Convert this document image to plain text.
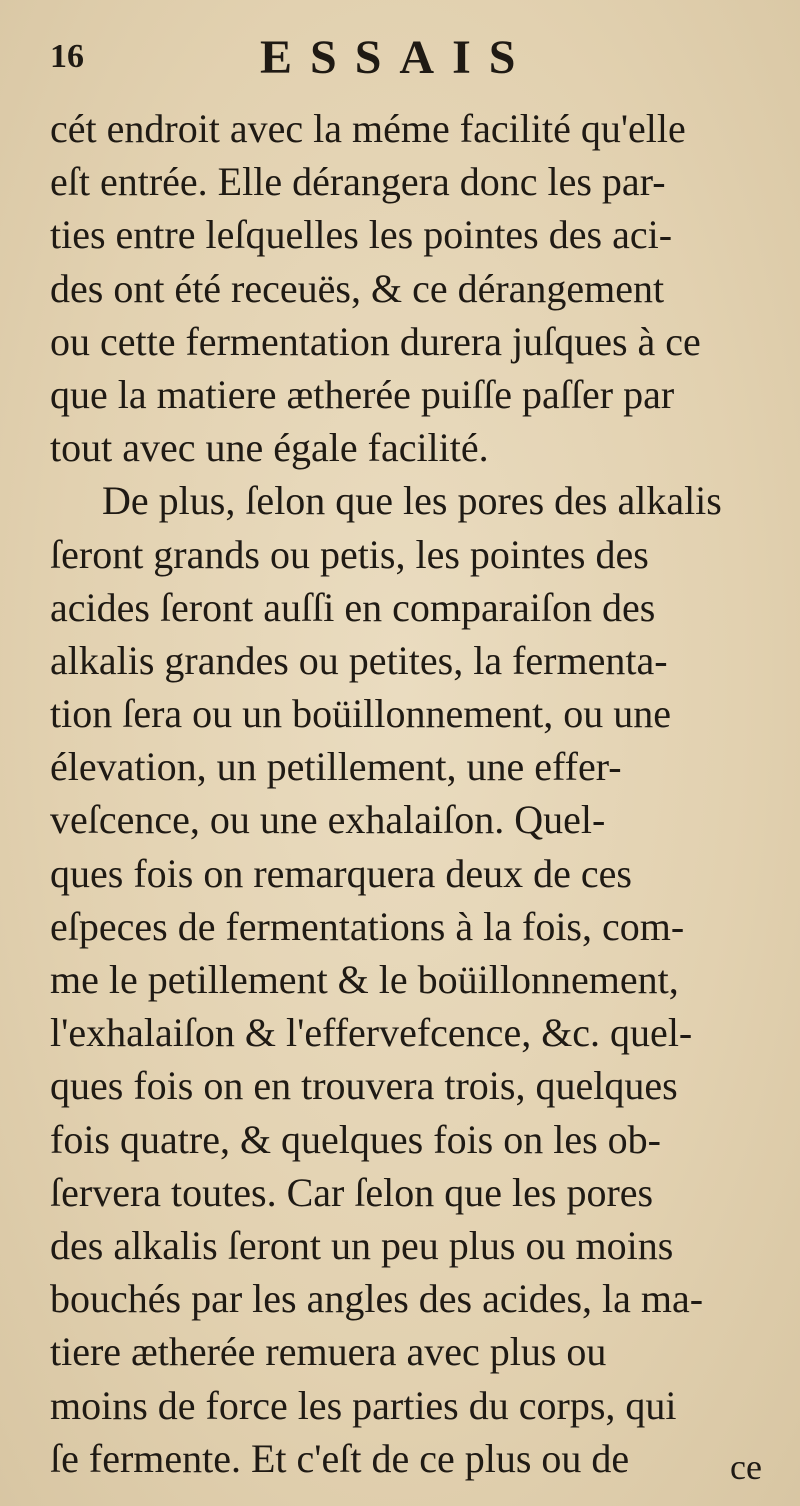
16	ESSAIS
cét endroit avec la méme facilité qu'elle
eſt entrée. Elle dérangera donc les par-
ties entre leſquelles les pointes des aci-
des ont été receuës, & ce dérangement
ou cette fermentation durera juſques à ce
que la matiere ætherée puiſſe paſſer par
tout avec une égale facilité.
De plus, ſelon que les pores des alkalis
ſeront grands ou petis, les pointes des
acides ſeront auſſi en comparaiſon des
alkalis grandes ou petites, la fermenta-
tion ſera ou un boüillonnement, ou une
élevation, un petillement, une effer-
veſcence, ou une exhalaiſon. Quel-
ques fois on remarquera deux de ces
eſpeces de fermentations à la fois, com-
me le petillement & le boüillonnement,
l'exhalaiſon & l'effervefcence, &c. quel-
ques fois on en trouvera trois, quelques
fois quatre, & quelques fois on les ob-
ſervera toutes. Car ſelon que les pores
des alkalis ſeront un peu plus ou moins
bouchés par les angles des acides, la ma-
tiere ætherée remuera avec plus ou
moins de force les parties du corps, qui
ſe fermente. Et c'eſt de ce plus ou de	ce
